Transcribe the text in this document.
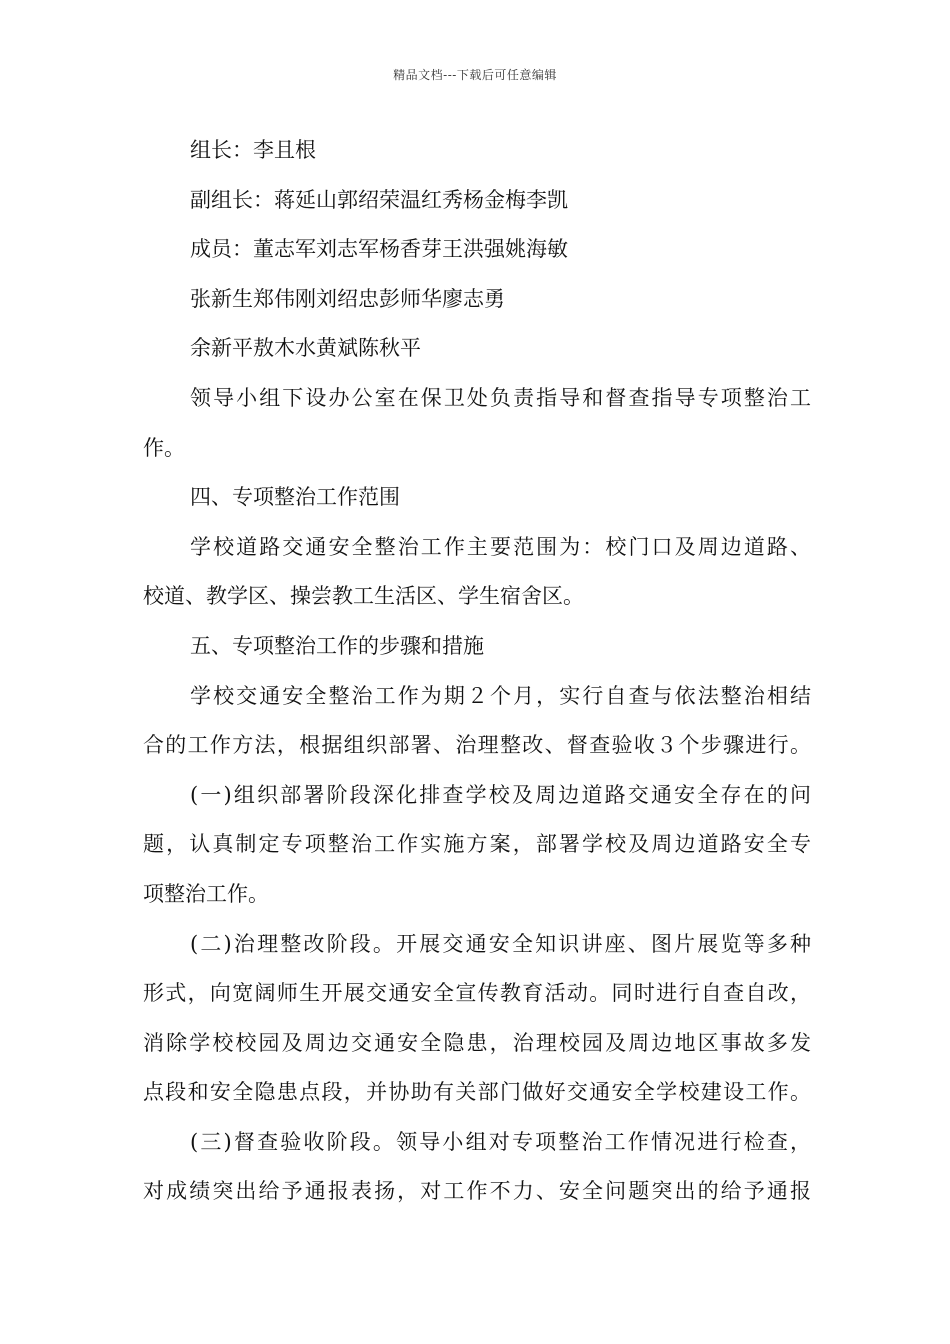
精品文档---下载后可任意编辑
组长：李且根
副组长：蒋延山郭绍荣温红秀杨金梅李凯
成员：董志军刘志军杨香芽王洪强姚海敏
张新生郑伟刚刘绍忠彭师华廖志勇
余新平敖木水黄斌陈秋平
领导小组下设办公室在保卫处负责指导和督查指导专项整治工
作。
四、专项整治工作范围
学校道路交通安全整治工作主要范围为：校门口及周边道路、
校道、教学区、操尝教工生活区、学生宿舍区。
五、专项整治工作的步骤和措施
学校交通安全整治工作为期２个月，实行自查与依法整治相结
合的工作方法，根据组织部署、治理整改、督查验收３个步骤进行。
(一)组织部署阶段深化排查学校及周边道路交通安全存在的问
题，认真制定专项整治工作实施方案，部署学校及周边道路安全专
项整治工作。
(二)治理整改阶段。开展交通安全知识讲座、图片展览等多种
形式，向宽阔师生开展交通安全宣传教育活动。同时进行自查自改，
消除学校校园及周边交通安全隐患，治理校园及周边地区事故多发
点段和安全隐患点段，并协助有关部门做好交通安全学校建设工作。
(三)督查验收阶段。领导小组对专项整治工作情况进行检查，
对成绩突出给予通报表扬，对工作不力、安全问题突出的给予通报
